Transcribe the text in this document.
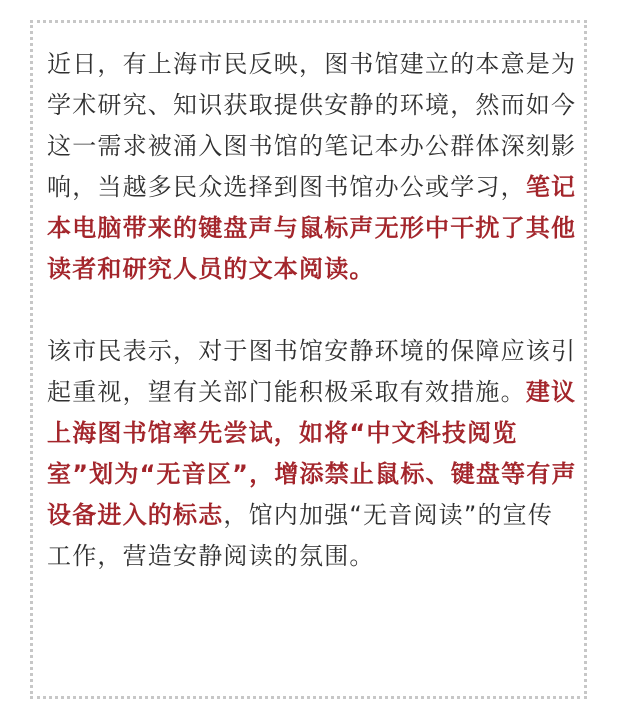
近日，有上海市民反映，图书馆建立的本意是为学术研究、知识获取提供安静的环境，然而如今这一需求被涌入图书馆的笔记本办公群体深刻影响，当越多民众选择到图书馆办公或学习，笔记本电脑带来的键盘声与鼠标声无形中干扰了其他读者和研究人员的文本阅读。

该市民表示，对于图书馆安静环境的保障应该引起重视，望有关部门能积极采取有效措施。建议上海图书馆率先尝试，如将“中文科技阅览室”划为“无音区”，增添禁止鼠标、键盘等有声设备进入的标志，馆内加强“无音阅读”的宣传工作，营造安静阅读的氛围。
